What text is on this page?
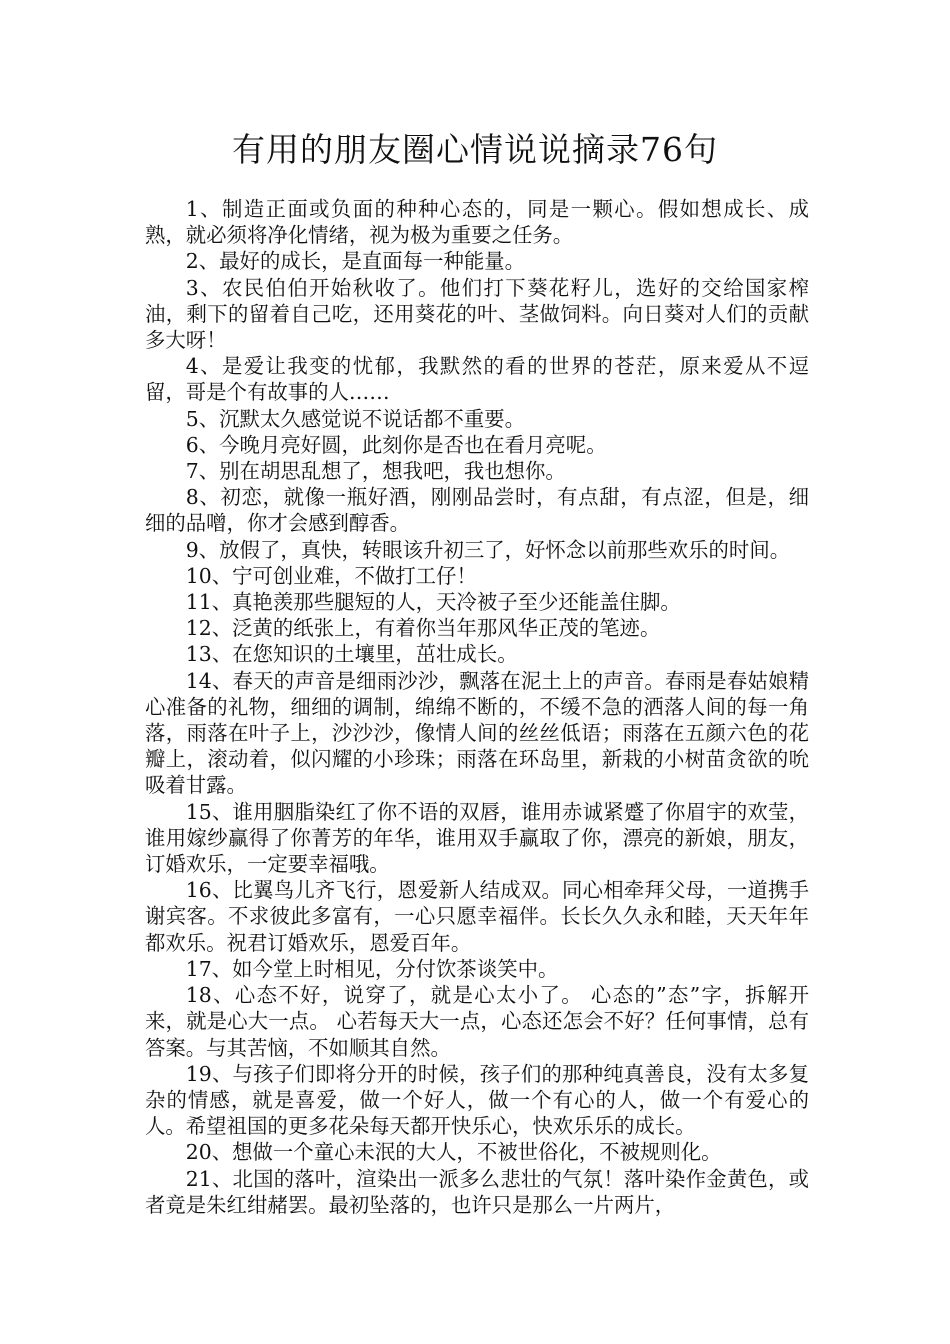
有用的朋友圈心情说说摘录76句

1、制造正面或负面的种种心态的，同是一颗心。假如想成长、成熟，就必须将净化情绪，视为极为重要之任务。

2、最好的成长，是直面每一种能量。

3、农民伯伯开始秋收了。他们打下葵花籽儿，选好的交给国家榨油，剩下的留着自己吃，还用葵花的叶、茎做饲料。向日葵对人们的贡献多大呀！

4、是爱让我变的忧郁，我默然的看的世界的苍茫，原来爱从不逗留，哥是个有故事的人……

5、沉默太久感觉说不说话都不重要。

6、今晚月亮好圆，此刻你是否也在看月亮呢。

7、别在胡思乱想了，想我吧，我也想你。

8、初恋，就像一瓶好酒，刚刚品尝时，有点甜，有点涩，但是，细细的品噌，你才会感到醇香。

9、放假了，真快，转眼该升初三了，好怀念以前那些欢乐的时间。

10、宁可创业难，不做打工仔！

11、真艳羡那些腿短的人，天冷被子至少还能盖住脚。

12、泛黄的纸张上，有着你当年那风华正茂的笔迹。

13、在您知识的土壤里，茁壮成长。

14、春天的声音是细雨沙沙，飘落在泥土上的声音。春雨是春姑娘精心准备的礼物，细细的调制，绵绵不断的，不缓不急的洒落人间的每一角落，雨落在叶子上，沙沙沙，像情人间的丝丝低语；雨落在五颜六色的花瓣上，滚动着，似闪耀的小珍珠；雨落在环岛里，新栽的小树苗贪欲的吮吸着甘露。

15、谁用胭脂染红了你不语的双唇，谁用赤诚紧蹙了你眉宇的欢莹，谁用嫁纱赢得了你菁芳的年华，谁用双手赢取了你，漂亮的新娘，朋友，订婚欢乐，一定要幸福哦。

16、比翼鸟儿齐飞行，恩爱新人结成双。同心相牵拜父母，一道携手谢宾客。不求彼此多富有，一心只愿幸福伴。长长久久永和睦，天天年年都欢乐。祝君订婚欢乐，恩爱百年。

17、如今堂上时相见，分付饮茶谈笑中。

18、心态不好，说穿了，就是心太小了。 心态的”态”字，拆解开来，就是心大一点。 心若每天大一点，心态还怎会不好？任何事情，总有答案。与其苦恼，不如顺其自然。

19、与孩子们即将分开的时候，孩子们的那种纯真善良，没有太多复杂的情感，就是喜爱，做一个好人，做一个有心的人，做一个有爱心的人。希望祖国的更多花朵每天都开快乐心，快欢乐乐的成长。

20、想做一个童心未泯的大人，不被世俗化，不被规则化。

21、北国的落叶，渲染出一派多么悲壮的气氛！落叶染作金黄色，或者竟是朱红绀赭罢。最初坠落的，也许只是那么一片两片，
